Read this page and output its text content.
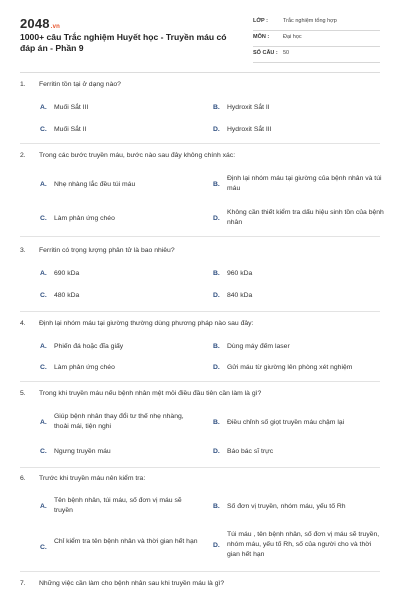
2048.vn
1000+ câu Trắc nghiệm Huyết học - Truyền máu có đáp án - Phần 9
LỚP :	Trắc nghiệm tổng hợp
MÔN :	Đại học
SỐ CÂU : 50
1. Ferritin tồn tại ở dạng nào?
A. Muối Sắt III	B. Hydroxit Sắt II
C. Muối Sắt II	D. Hydroxit Sắt III
2. Trong các bước truyền máu, bước nào sau đây không chính xác:
A. Nhẹ nhàng lắc đều túi máu	B.
Định lại nhóm máu tại giường của bệnh nhân và túi máu
C. Làm phản ứng chéo	D.
Không cần thiết kiểm tra dấu hiệu sinh tồn của bệnh nhân
3. Ferritin có trọng lượng phân tử là bao nhiêu?
A. 690 kDa	B. 960 kDa
C. 480 kDa	D. 840 kDa
4. Định lại nhóm máu tại giường thường dùng phương pháp nào sau đây:
A. Phiến đá hoặc đĩa giấy	B. Dùng máy đếm laser
C. Làm phản ứng chéo	D. Gửi máu từ giường lên phòng xét nghiệm
5. Trong khi truyền máu nếu bệnh nhân mệt mỏi điều đầu tiên cần làm là gì?
A.
Giúp bệnh nhân thay đổi tư thế nhẹ nhàng, thoải mái, tiện nghi
B. Điều chỉnh số giọt truyền máu chậm lại
C. Ngưng truyền máu	D. Báo bác sĩ trực
6. Trước khi truyền máu nên kiểm tra:
A.
Tên bệnh nhân, túi máu, số đơn vị máu sẽ truyền
B. Số đơn vị truyền, nhóm máu, yếu tố Rh
C.
Chỉ kiểm tra tên bệnh nhân và thời gian hết hạn
D.
Túi máu , tên bệnh nhân, số đơn vị máu sẽ truyền, nhóm máu, yếu tố Rh, số của người cho và thời gian hết hạn
7. Những việc cần làm cho bệnh nhân sau khi truyền máu là gì?
